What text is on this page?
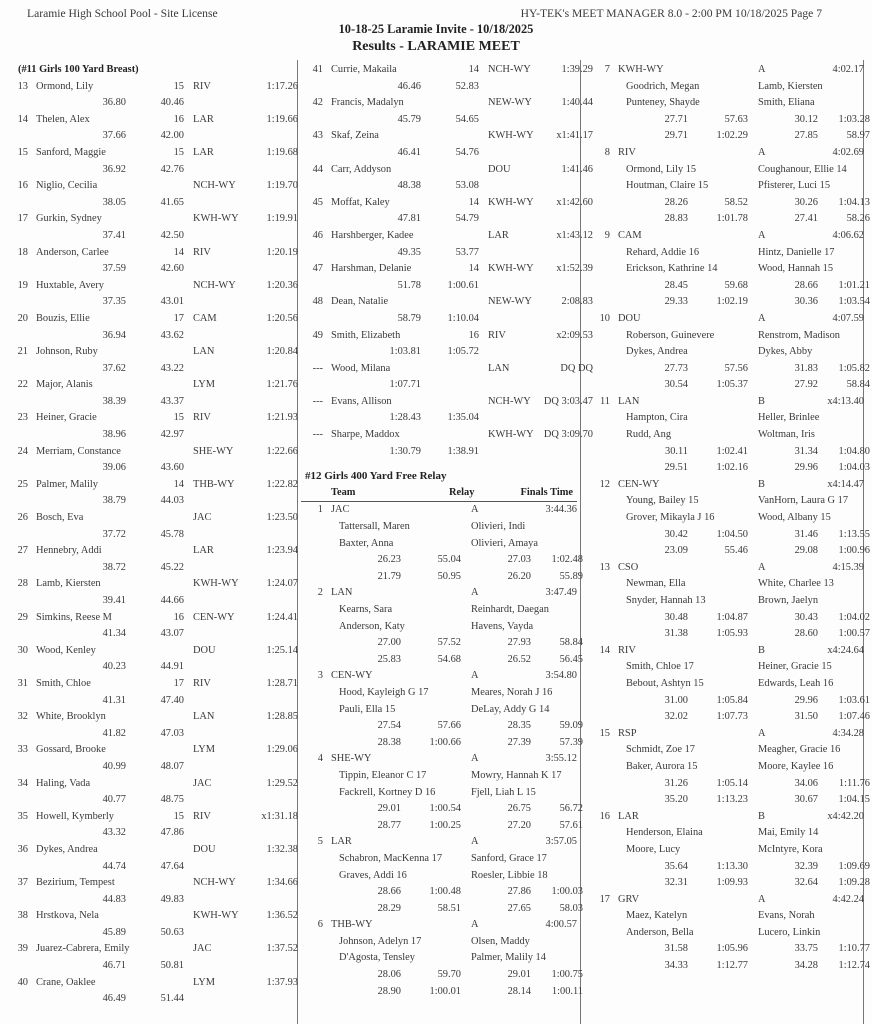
Laramie High School Pool - Site License	HY-TEK's MEET MANAGER 8.0 - 2:00 PM 10/18/2025 Page 7
10-18-25 Laramie Invite - 10/18/2025
Results - LARAMIE MEET
(#11 Girls 100 Yard Breast)
13 Ormond, Lily	15 RIV	1:17.26
36.80	40.46
14 Thelen, Alex	16 LAR	1:19.66
37.66	42.00
15 Sanford, Maggie	15 LAR	1:19.68
36.92	42.76
16 Niglio, Cecilia	NCH-WY	1:19.70
38.05	41.65
17 Gurkin, Sydney	KWH-WY	1:19.91
37.41	42.50
18 Anderson, Carlee	14 RIV	1:20.19
37.59	42.60
19 Huxtable, Avery	NCH-WY	1:20.36
37.35	43.01
20 Bouzis, Ellie	17 CAM	1:20.56
36.94	43.62
21 Johnson, Ruby	LAN	1:20.84
37.62	43.22
22 Major, Alanis	LYM	1:21.76
38.39	43.37
23 Heiner, Gracie	15 RIV	1:21.93
38.96	42.97
24 Merriam, Constance	SHE-WY	1:22.66
39.06	43.60
25 Palmer, Malily	14 THB-WY	1:22.82
38.79	44.03
26 Bosch, Eva	JAC	1:23.50
37.72	45.78
27 Hennebry, Addi	LAR	1:23.94
38.72	45.22
28 Lamb, Kiersten	KWH-WY	1:24.07
39.41	44.66
29 Simkins, Reese M	16 CEN-WY	1:24.41
41.34	43.07
30 Wood, Kenley	DOU	1:25.14
40.23	44.91
31 Smith, Chloe	17 RIV	1:28.71
41.31	47.40
32 White, Brooklyn	LAN	1:28.85
41.82	47.03
33 Gossard, Brooke	LYM	1:29.06
40.99	48.07
34 Haling, Vada	JAC	1:29.52
40.77	48.75
35 Howell, Kymberly	15 RIV	x1:31.18
43.32	47.86
36 Dykes, Andrea	DOU	1:32.38
44.74	47.64
37 Bezirium, Tempest	NCH-WY	1:34.66
44.83	49.83
38 Hrstkova, Nela	KWH-WY	1:36.52
45.89	50.63
39 Juarez-Cabrera, Emily	JAC	1:37.52
46.71	50.81
40 Crane, Oaklee	LYM	1:37.93
46.49	51.44
41 Currie, Makaila	14 NCH-WY	1:39.29
46.46	52.83
42 Francis, Madalyn	NEW-WY	1:40.44
45.79	54.65
43 Skaf, Zeina	KWH-WY	x1:41.17
46.41	54.76
44 Carr, Addyson	DOU	1:41.46
48.38	53.08
45 Moffat, Kaley	14 KWH-WY	x1:42.60
47.81	54.79
46 Harshberger, Kadee	LAR	x1:43.12
49.35	53.77
47 Harshman, Delanie	14 KWH-WY	x1:52.39
51.78	1:00.61
48 Dean, Natalie	NEW-WY	2:08.83
58.79	1:10.04
49 Smith, Elizabeth	16 RIV	x2:09.53
1:03.81	1:05.72
--- Wood, Milana	LAN	DQ DQ
1:07.71
--- Evans, Allison	NCH-WY	DQ 3:03.47
1:28.43	1:35.04
--- Sharpe, Maddox	KWH-WY DQ 3:09.70
1:30.79	1:38.91
#12 Girls 400 Yard Free Relay
Team	Relay	Finals Time
1 JAC	A	3:44.36
Tattersall, Maren	Olivieri, Indi
Baxter, Anna	Olivieri, Amaya
26.23	55.04	27.03	1:02.48
21.79	50.95	26.20	55.89
2 LAN	A	3:47.49
Kearns, Sara	Reinhardt, Daegan
Anderson, Katy	Havens, Vayda
27.00	57.52	27.93	58.84
25.83	54.68	26.52	56.45
3 CEN-WY	A	3:54.80
Hood, Kayleigh G 17	Meares, Norah J 16
Pauli, Ella 15	DeLay, Addy G 14
27.54	57.66	28.35	59.09
28.38	1:00.66	27.39	57.39
4 SHE-WY	A	3:55.12
Tippin, Eleanor C 17	Mowry, Hannah K 17
Fackrell, Kortney D 16	Fjell, Liah L 15
29.01	1:00.54	26.75	56.72
28.77	1:00.25	27.20	57.61
5 LAR	A	3:57.05
Schabron, MacKenna 17	Sanford, Grace 17
Graves, Addi 16	Roesler, Libbie 18
28.66	1:00.48	27.86	1:00.03
28.29	58.51	27.65	58.03
6 THB-WY	A	4:00.57
Johnson, Adelyn 17	Olsen, Maddy
D'Agosta, Tensley	Palmer, Malily 14
28.06	59.70	29.01	1:00.75
28.90	1:00.01	28.14	1:00.11
7 KWH-WY	A	4:02.17
Goodrich, Megan	Lamb, Kiersten
Punteney, Shayde	Smith, Eliana
27.71	57.63	30.12	1:03.28
29.71	1:02.29	27.85	58.97
8 RIV	A	4:02.69
Ormond, Lily 15	Coughanour, Ellie 14
Houtman, Claire 15	Pfisterer, Luci 15
28.26	58.52	30.26	1:04.13
28.83	1:01.78	27.41	58.26
9 CAM	A	4:06.62
Rehard, Addie 16	Hintz, Danielle 17
Erickson, Kathrine 14	Wood, Hannah 15
28.45	59.68	28.66	1:01.21
29.33	1:02.19	30.36	1:03.54
10 DOU	A	4:07.59
Roberson, Guinevere	Renstrom, Madison
Dykes, Andrea	Dykes, Abby
27.73	57.56	31.83	1:05.82
30.54	1:05.37	27.92	58.84
11 LAN	B	x4:13.40
Hampton, Cira	Heller, Brinlee
Rudd, Ang	Woltman, Iris
30.11	1:02.41	31.34	1:04.80
29.51	1:02.16	29.96	1:04.03
12 CEN-WY	B	x4:14.47
Young, Bailey 15	VanHorn, Laura G 17
Grover, Mikayla J 16	Wood, Albany 15
30.42	1:04.50	31.46	1:13.55
23.09	55.46	29.08	1:00.96
13 CSO	A	4:15.39
Newman, Ella	White, Charlee 13
Snyder, Hannah 13	Brown, Jaelyn
30.48	1:04.87	30.43	1:04.02
31.38	1:05.93	28.60	1:00.57
14 RIV	B	x4:24.64
Smith, Chloe 17	Heiner, Gracie 15
Bebout, Ashtyn 15	Edwards, Leah 16
31.00	1:05.84	29.96	1:03.61
32.02	1:07.73	31.50	1:07.46
15 RSP	A	4:34.28
Schmidt, Zoe 17	Meagher, Gracie 16
Baker, Aurora 15	Moore, Kaylee 16
31.26	1:05.14	34.06	1:11.76
35.20	1:13.23	30.67	1:04.15
16 LAR	B	x4:42.20
Henderson, Elaina	Mai, Emily 14
Moore, Lucy	McIntyre, Kora
35.64	1:13.30	32.39	1:09.69
32.31	1:09.93	32.64	1:09.28
17 GRV	A	4:42.24
Maez, Katelyn	Evans, Norah
Anderson, Bella	Lucero, Linkin
31.58	1:05.96	33.75	1:10.77
34.33	1:12.77	34.28	1:12.74
